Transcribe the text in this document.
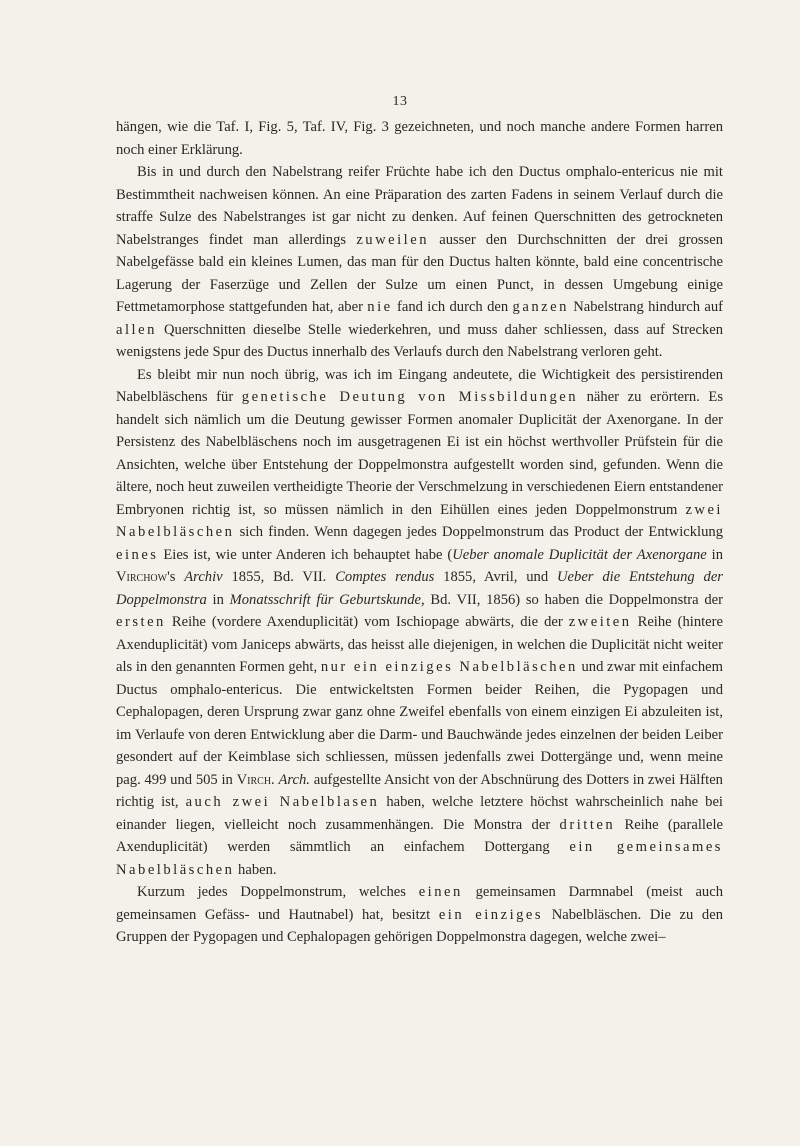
13

hängen, wie die Taf. I, Fig. 5, Taf. IV, Fig. 3 gezeichneten, und noch manche andere Formen harren noch einer Erklärung.

Bis in und durch den Nabelstrang reifer Früchte habe ich den Ductus omphalo-entericus nie mit Bestimmtheit nachweisen können. An eine Präparation des zarten Fadens in seinem Verlauf durch die straffe Sulze des Nabelstranges ist gar nicht zu denken. Auf feinen Querschnitten des getrockneten Nabelstranges findet man allerdings zuweilen ausser den Durchschnitten der drei grossen Nabelgefässe bald ein kleines Lumen, das man für den Ductus halten könnte, bald eine concentrische Lagerung der Faserzüge und Zellen der Sulze um einen Punct, in dessen Umgebung einige Fettmetamorphose stattgefunden hat, aber nie fand ich durch den ganzen Nabelstrang hindurch auf allen Querschnitten dieselbe Stelle wiederkehren, und muss daher schliessen, dass auf Strecken wenigstens jede Spur des Ductus innerhalb des Verlaufs durch den Nabelstrang verloren geht.

Es bleibt mir nun noch übrig, was ich im Eingang andeutete, die Wichtigkeit des persistirenden Nabelbläschens für genetische Deutung von Missbildungen näher zu erörtern. Es handelt sich nämlich um die Deutung gewisser Formen anomaler Duplicität der Axenorgane. In der Persistenz des Nabelbläschens noch im ausgetragenen Ei ist ein höchst werthvoller Prüfstein für die Ansichten, welche über Entstehung der Doppelmonstra aufgestellt worden sind, gefunden. Wenn die ältere, noch heut zuweilen vertheidigte Theorie der Verschmelzung in verschiedenen Eiern entstandener Embryonen richtig ist, so müssen nämlich in den Eihüllen eines jeden Doppelmonstrum zwei Nabelbläschen sich finden. Wenn dagegen jedes Doppelmonstrum das Product der Entwicklung eines Eies ist, wie unter Anderen ich behauptet habe (Ueber anomale Duplicität der Axenorgane in Virchow's Archiv 1855, Bd. VII. Comptes rendus 1855, Avril, und Ueber die Entstehung der Doppelmonstra in Monatsschrift für Geburtskunde, Bd. VII, 1856) so haben die Doppelmonstra der ersten Reihe (vordere Axenduplicität) vom Ischiopage abwärts, die der zweiten Reihe (hintere Axenduplicität) vom Janiceps abwärts, das heisst alle diejenigen, in welchen die Duplicität nicht weiter als in den genannten Formen geht, nur ein einziges Nabelbläschen und zwar mit einfachem Ductus omphalo-entericus. Die entwickeltsten Formen beider Reihen, die Pygopagen und Cephalopagen, deren Ursprung zwar ganz ohne Zweifel ebenfalls von einem einzigen Ei abzuleiten ist, im Verlaufe von deren Entwicklung aber die Darm- und Bauchwände jedes einzelnen der beiden Leiber gesondert auf der Keimblase sich schliessen, müssen jedenfalls zwei Dottergänge und, wenn meine pag. 499 und 505 in Virch. Arch. aufgestellte Ansicht von der Abschnürung des Dotters in zwei Hälften richtig ist, auch zwei Nabelblasen haben, welche letztere höchst wahrscheinlich nahe bei einander liegen, vielleicht noch zusammenhängen. Die Monstra der dritten Reihe (parallele Axenduplicität) werden sämmtlich an einfachem Dottergang ein gemeinsames Nabelbläschen haben.

Kurzum jedes Doppelmonstrum, welches einen gemeinsamen Darmnabel (meist auch gemeinsamen Gefäss- und Hautnabel) hat, besitzt ein einziges Nabelbläschen. Die zu den Gruppen der Pygopagen und Cephalopagen gehörigen Doppelmonstra dagegen, welche zwei–
